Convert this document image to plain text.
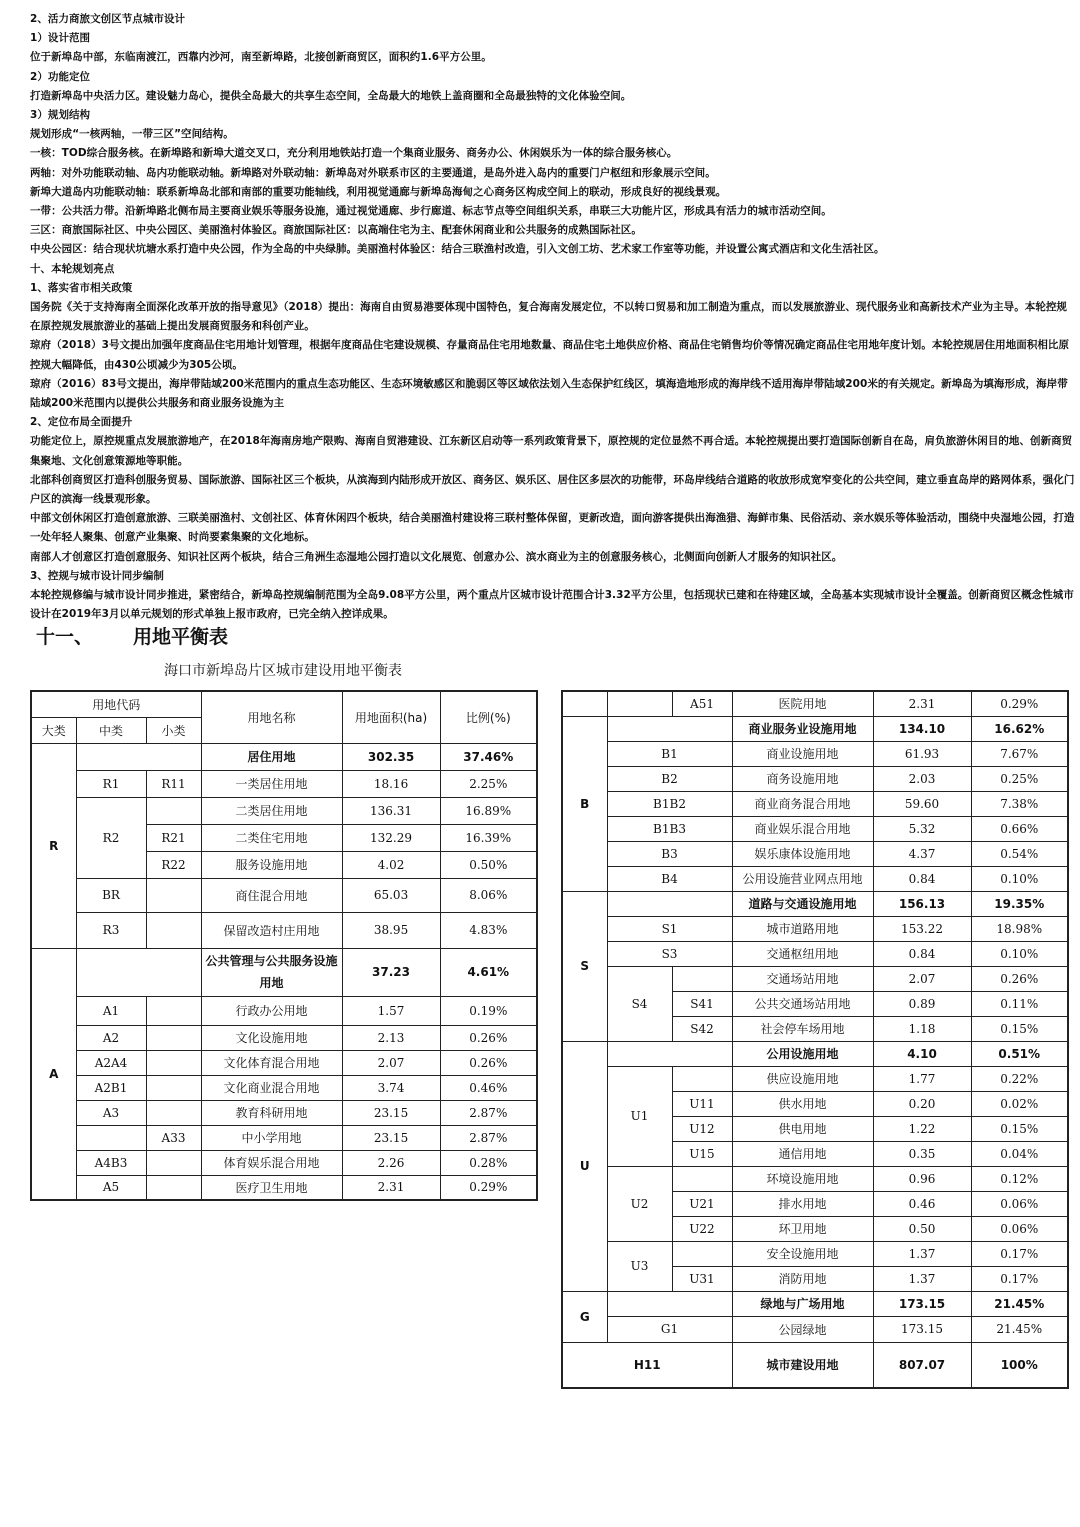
2、活力商旅文创区节点城市设计
1）设计范围
位于新埠岛中部，东临南渡江，西靠内沙河，南至新埠路，北接创新商贸区，面积约1.6平方公里。
2）功能定位
打造新埠岛中央活力区。建设魅力岛心，提供全岛最大的共享生态空间，全岛最大的地铁上盖商圈和全岛最独特的文化体验空间。
3）规划结构
规划形成“一核两轴，一带三区”空间结构。
一核：TOD综合服务核。在新埠路和新埠大道交叉口，充分利用地铁站打造一个集商业服务、商务办公、休闲娱乐为一体的综合服务核心。
两轴：对外功能联动轴、岛内功能联动轴。新埠路对外联动轴：新埠岛对外联系市区的主要通道，是岛外进入岛内的重要门户枢纽和形象展示空间。
新埠大道岛内功能联动轴：联系新埠岛北部和南部的重要功能轴线，利用视觉通廊与新埠岛海甸之心商务区构成空间上的联动，形成良好的视线景观。
一带：公共活力带。沿新埠路北侧布局主要商业娱乐等服务设施，通过视觉通廊、步行廊道、标志节点等空间组织关系，串联三大功能片区，形成具有活力的城市活动空间。
三区：商旅国际社区、中央公园区、美丽渔村体验区。商旅国际社区：以高端住宅为主、配套休闲商业和公共服务的成熟国际社区。
中央公园区：结合现状坑塘水系打造中央公园，作为全岛的中央绿肺。美丽渔村体验区：结合三联渔村改造，引入文创工坊、艺术家工作室等功能，并设置公寓式酒店和文化生活社区。
十、本轮规划亮点
1、落实省市相关政策
国务院《关于支持海南全面深化改革开放的指导意见》（2018）提出：海南自由贸易港要体现中国特色，复合海南发展定位，不以转口贸易和加工制造为重点，而以发展旅游业、现代服务业和高新技术产业为主导。本轮控规在原控规发展旅游业的基础上提出发展商贸服务和科创产业。
琼府（2018）3号文提出加强年度商品住宅用地计划管理，根据年度商品住宅建设规模、存量商品住宅用地数量、商品住宅土地供应价格、商品住宅销售均价等情况确定商品住宅用地年度计划。本轮控规居住用地面积相比原控规大幅降低，由430公顷减少为305公顷。
琼府（2016）83号文提出，海岸带陆域200米范围内的重点生态功能区、生态环境敏感区和脆弱区等区域依法划入生态保护红线区，填海造地形成的海岸线不适用海岸带陆域200米的有关规定。新埠岛为填海形成，海岸带陆域200米范围内以提供公共服务和商业服务设施为主
2、定位布局全面提升
功能定位上，原控规重点发展旅游地产，在2018年海南房地产限购、海南自贸港建设、江东新区启动等一系列政策背景下，原控规的定位显然不再合适。本轮控规提出要打造国际创新自在岛，肩负旅游休闲目的地、创新商贸集聚地、文化创意策源地等职能。
北部科创商贸区打造科创服务贸易、国际旅游、国际社区三个板块，从滨海到内陆形成开放区、商务区、娱乐区、居住区多层次的功能带，环岛岸线结合道路的收放形成宽窄变化的公共空间，建立垂直岛岸的路网体系，强化门户区的滨海一线景观形象。
中部文创休闲区打造创意旅游、三联美丽渔村、文创社区、体育休闲四个板块，结合美丽渔村建设将三联村整体保留，更新改造，面向游客提供出海渔猎、海鲜市集、民俗活动、亲水娱乐等体验活动，围绕中央湿地公园，打造一处年轻人聚集、创意产业集聚、时尚要素集聚的文化地标。
南部人才创意区打造创意服务、知识社区两个板块，结合三角洲生态湿地公园打造以文化展览、创意办公、滨水商业为主的创意服务核心，北侧面向创新人才服务的知识社区。
3、控规与城市设计同步编制
本轮控规修编与城市设计同步推进，紧密结合，新埠岛控规编制范围为全岛9.08平方公里，两个重点片区城市设计范围合计3.32平方公里，包括现状已建和在待建区域，全岛基本实现城市设计全覆盖。创新商贸区概念性城市设计在2019年3月以单元规划的形式单独上报市政府，已完全纳入控详成果。
十一、 用地平衡表
海口市新埠岛片区城市建设用地平衡表
用地代码			用地名称	用地面积(ha)	比例(%)
大类	中类	小类			
R			居住用地	302.35	37.46%
	R1	R11	一类居住用地	18.16	2.25%
	R2		二类居住用地	136.31	16.89%
		R21	二类住宅用地	132.29	16.39%
		R22	服务设施用地	4.02	0.50%
	BR		商住混合用地	65.03	8.06%
	R3		保留改造村庄用地	38.95	4.83%
A			公共管理与公共服务设施用地	37.23	4.61%
	A1		行政办公用地	1.57	0.19%
	A2		文化设施用地	2.13	0.26%
	A2A4		文化体育混合用地	2.07	0.26%
	A2B1		文化商业混合用地	3.74	0.46%
	A3		教育科研用地	23.15	2.87%
		A33	中小学用地	23.15	2.87%
	A4B3		体育娱乐混合用地	2.26	0.28%
	A5		医疗卫生用地	2.31	0.29%
		A51	医院用地	2.31	0.29%
B			商业服务业设施用地	134.10	16.62%
	B1		商业设施用地	61.93	7.67%
	B2		商务设施用地	2.03	0.25%
	B1B2		商业商务混合用地	59.60	7.38%
	B1B3		商业娱乐混合用地	5.32	0.66%
	B3		娱乐康体设施用地	4.37	0.54%
	B4		公用设施营业网点用地	0.84	0.10%
S			道路与交通设施用地	156.13	19.35%
	S1		城市道路用地	153.22	18.98%
	S3		交通枢纽用地	0.84	0.10%
	S4		交通场站用地	2.07	0.26%
		S41	公共交通场站用地	0.89	0.11%
		S42	社会停车场用地	1.18	0.15%
U			公用设施用地	4.10	0.51%
	U1		供应设施用地	1.77	0.22%
		U11	供水用地	0.20	0.02%
		U12	供电用地	1.22	0.15%
		U15	通信用地	0.35	0.04%
	U2		环境设施用地	0.96	0.12%
		U21	排水用地	0.46	0.06%
		U22	环卫用地	0.50	0.06%
	U3		安全设施用地	1.37	0.17%
		U31	消防用地	1.37	0.17%
G			绿地与广场用地	173.15	21.45%
	G1		公园绿地	173.15	21.45%
H11			城市建设用地	807.07	100%
